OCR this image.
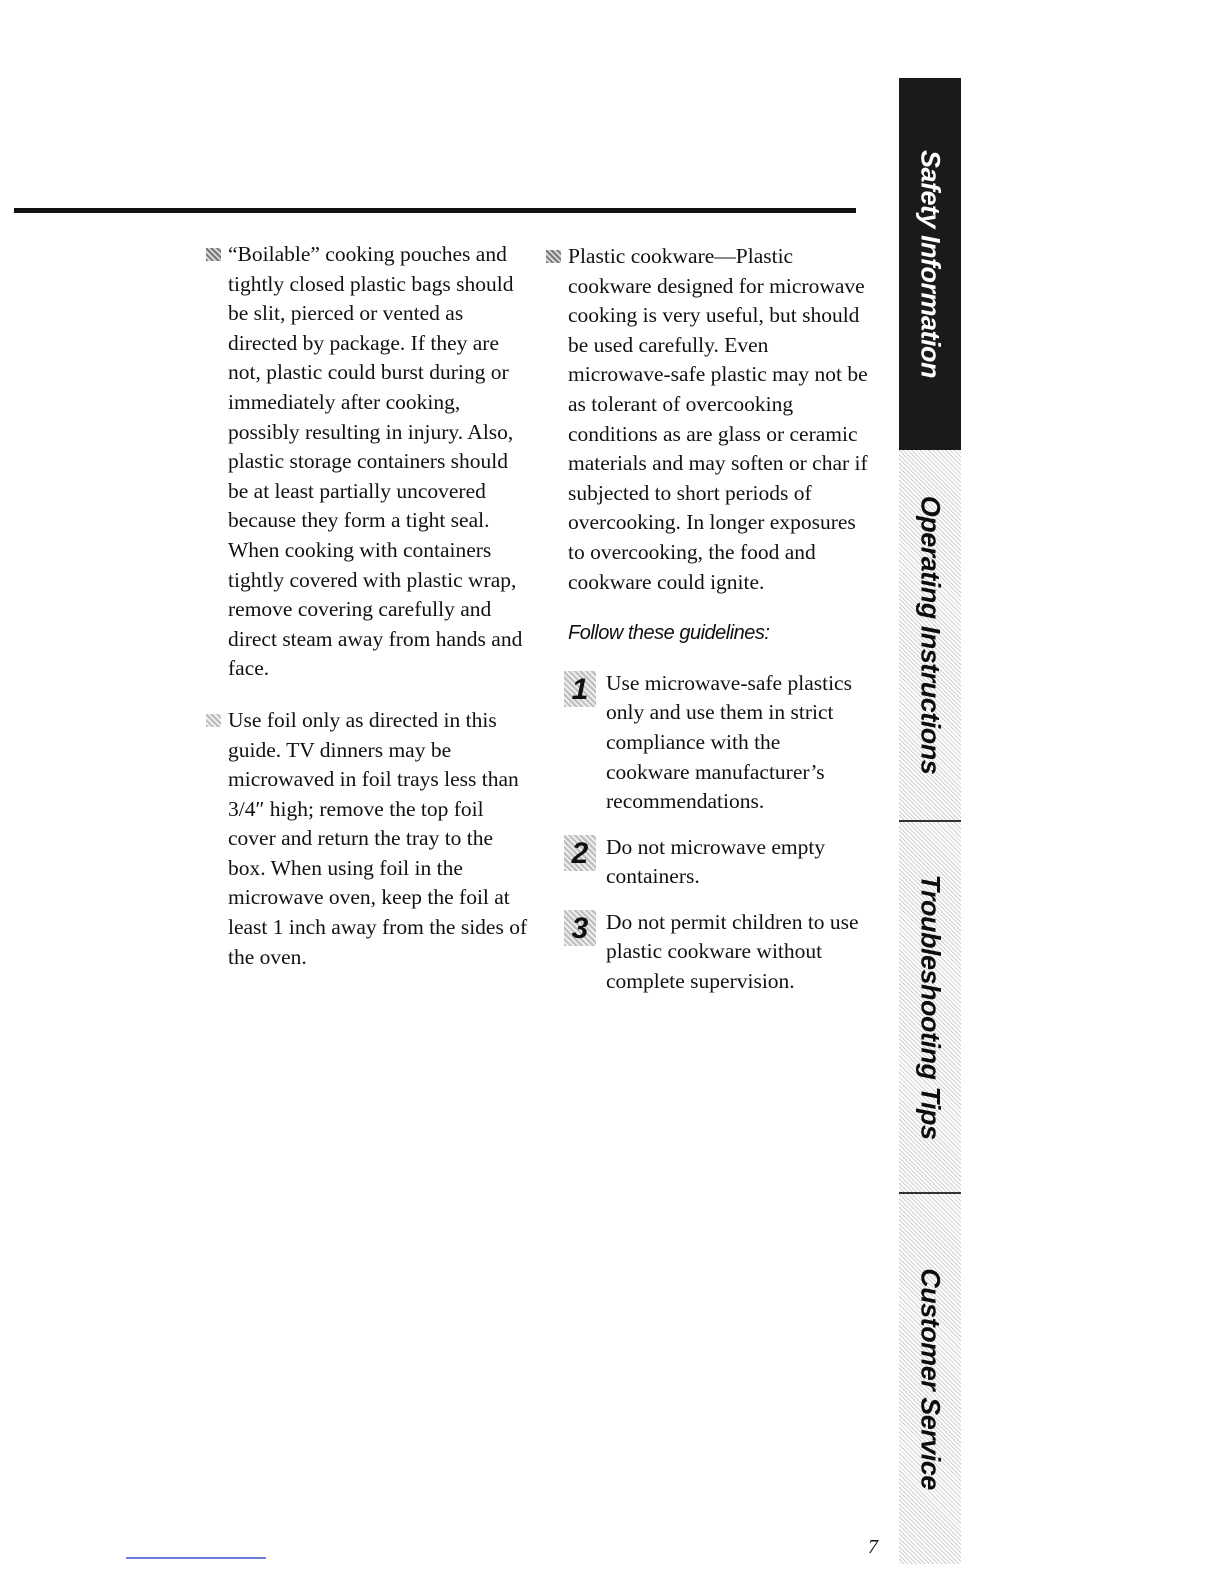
“Boilable” cooking pouches and tightly closed plastic bags should be slit, pierced or vented as directed by package. If they are not, plastic could burst during or immediately after cooking, possibly resulting in injury. Also, plastic storage containers should be at least partially uncovered because they form a tight seal. When cooking with containers tightly covered with plastic wrap, remove covering carefully and direct steam away from hands and face.
Use foil only as directed in this guide. TV dinners may be microwaved in foil trays less than 3/4″ high; remove the top foil cover and return the tray to the box. When using foil in the microwave oven, keep the foil at least 1 inch away from the sides of the oven.
Plastic cookware—Plastic cookware designed for microwave cooking is very useful, but should be used carefully. Even microwave-safe plastic may not be as tolerant of overcooking conditions as are glass or ceramic materials and may soften or char if subjected to short periods of overcooking. In longer exposures to overcooking, the food and cookware could ignite.
Follow these guidelines:
1 Use microwave-safe plastics only and use them in strict compliance with the cookware manufacturer’s recommendations.
2 Do not microwave empty containers.
3 Do not permit children to use plastic cookware without complete supervision.
Safety Information
Operating Instructions
Troubleshooting Tips
Customer Service
7
